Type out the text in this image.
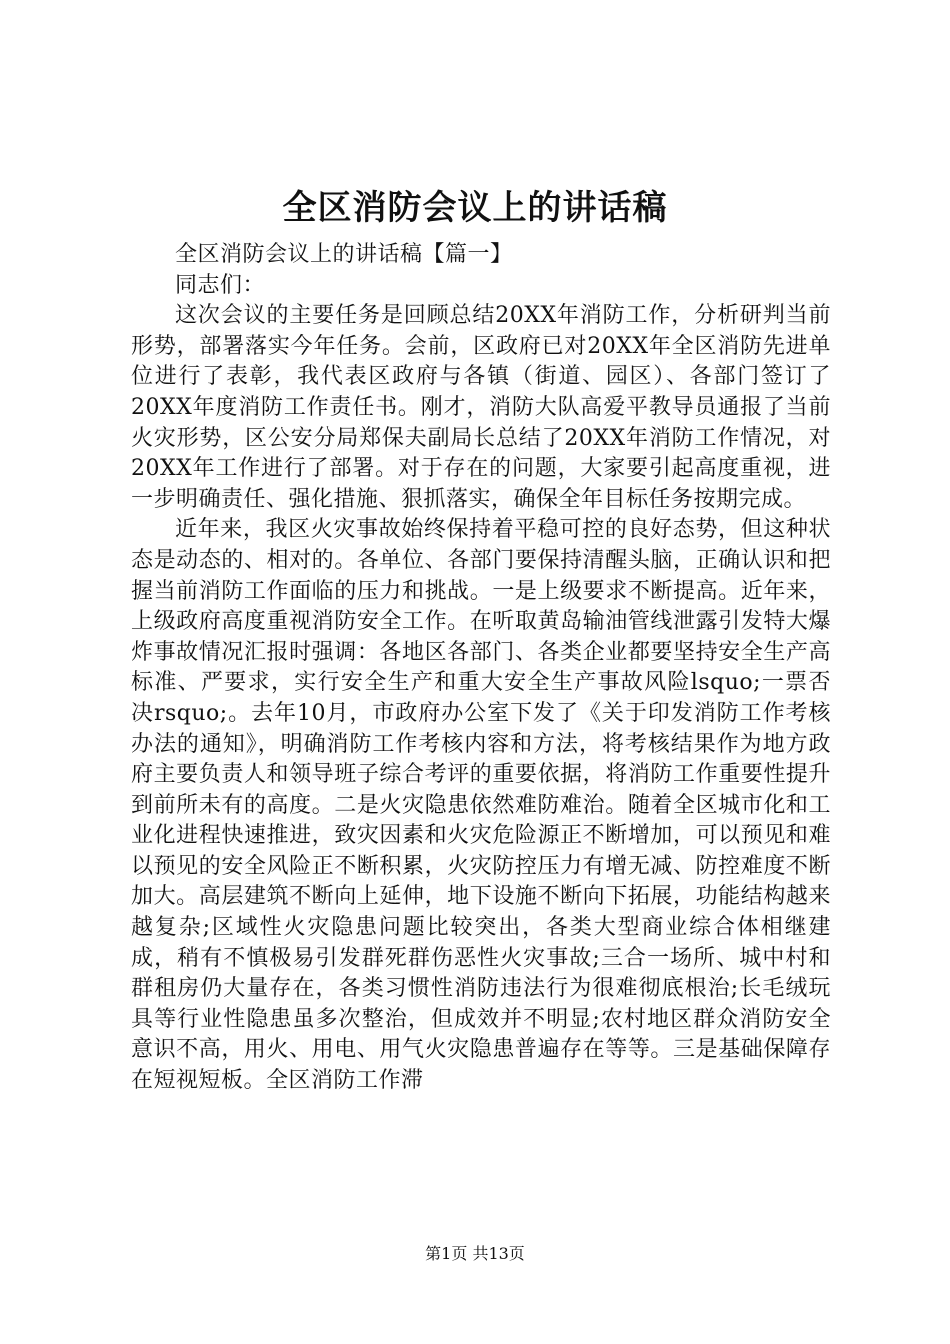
全区消防会议上的讲话稿

全区消防会议上的讲话稿【篇一】

同志们：

这次会议的主要任务是回顾总结20XX年消防工作，分析研判当前形势，部署落实今年任务。会前，区政府已对20XX年全区消防先进单位进行了表彰，我代表区政府与各镇（街道、园区）、各部门签订了20XX年度消防工作责任书。刚才，消防大队高爱平教导员通报了当前火灾形势，区公安分局郑保夫副局长总结了20XX年消防工作情况，对20XX年工作进行了部署。对于存在的问题，大家要引起高度重视，进一步明确责任、强化措施、狠抓落实，确保全年目标任务按期完成。

近年来，我区火灾事故始终保持着平稳可控的良好态势，但这种状态是动态的、相对的。各单位、各部门要保持清醒头脑，正确认识和把握当前消防工作面临的压力和挑战。一是上级要求不断提高。近年来，上级政府高度重视消防安全工作。在听取黄岛输油管线泄露引发特大爆炸事故情况汇报时强调：各地区各部门、各类企业都要坚持安全生产高标准、严要求，实行安全生产和重大安全生产事故风险lsquo;一票否决rsquo;。去年10月，市政府办公室下发了《关于印发消防工作考核办法的通知》，明确消防工作考核内容和方法，将考核结果作为地方政府主要负责人和领导班子综合考评的重要依据，将消防工作重要性提升到前所未有的高度。二是火灾隐患依然难防难治。随着全区城市化和工业化进程快速推进，致灾因素和火灾危险源正不断增加，可以预见和难以预见的安全风险正不断积累，火灾防控压力有增无减、防控难度不断加大。高层建筑不断向上延伸，地下设施不断向下拓展，功能结构越来越复杂;区域性火灾隐患问题比较突出，各类大型商业综合体相继建成，稍有不慎极易引发群死群伤恶性火灾事故;三合一场所、城中村和群租房仍大量存在，各类习惯性消防违法行为很难彻底根治;长毛绒玩具等行业性隐患虽多次整治，但成效并不明显;农村地区群众消防安全意识不高，用火、用电、用气火灾隐患普遍存在等等。三是基础保障存在短视短板。全区消防工作滞

第1页 共13页
